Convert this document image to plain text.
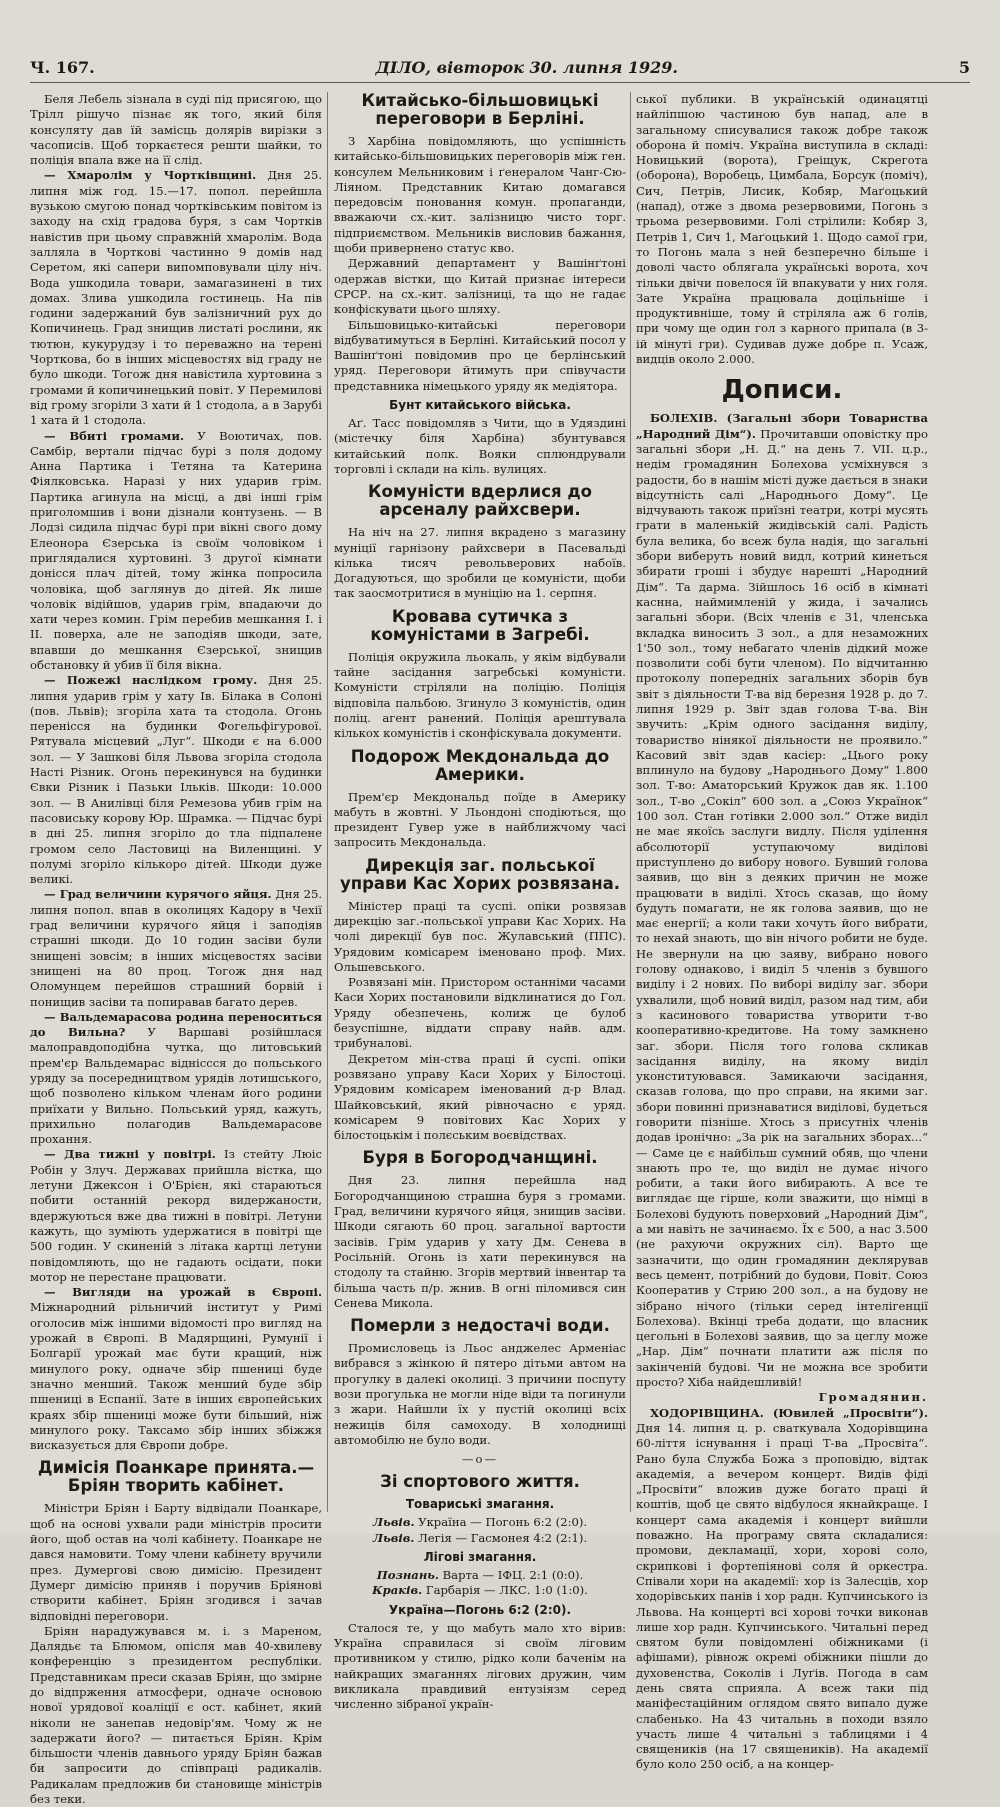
Ч. 167.	ДІЛО, вівторок 30. липня 1929.	5

Беля Лебель зізнала в суді під присягою, що Трілл рішучо пізнає як того, який біля консуляту дав їй замісць долярів вирізки з часописів. Щоб торкаєтеся решти шайки, то поліція впала вже на її слід.

— Хмаролім у Чортківщині. Дня 25. липня між год. 15.—17. попол. перейшла вузькою смугою понад чортківським повітом із заходу на схід градова буря, з сам Чортків навістив при цьому справжній хмаролім. Вода залляла в Чорткові частинно 9 домів над Серетом, які сапери випомповували цілу ніч. Вода ушкодила товари, замагазинені в тих домах. Злива ушкодила гостинець. На пів години задержаний був залізничний рух до Копичинець. Град знищив листаті рослини, як тютюн, кукурудзу і то переважно на терені Чорткова, бо в інших місцевостях від граду не було шкоди. Тогож дня навістила хуртовина з громами й копичинецький повіт. У Перемилові від грому згоріли 3 хати й 1 стодола, а в Зарубі 1 хата й 1 стодола.

— Вбиті громами. У Воютичах, пов. Самбір, вертали підчас бурі з поля додому Анна Партика і Тетяна та Катерина Фіялковська. Наразі у них ударив грім. Партика агинула на місці, а дві інші грім приголомшив і вони дізнали контузень. — В Лодзі сидила підчас бурі при вікні свого дому Елеонора Єзерська із своїм чоловіком і приглядалися хуртовині. З другої кімнати донісся плач дітей, тому жінка попросила чоловіка, щоб заглянув до дітей. Як лише чоловік відійшов, ударив грім, впадаючи до хати через комин. Грім перебив мешкання І. і ІІ. поверха, але не заподіяв шкоди, зате, впавши до мешкання Єзерської, знищив обстановку й убив її біля вікна.

— Пожежі наслідком грому. Дня 25. липня ударив грім у хату Ів. Білака в Солоні (пов. Львів); згоріла хата та стодола. Огонь перенісся на будинки Фогельфігурової. Рятувала місцевий „Луг“. Шкоди є на 6.000 зол. — У Зашкові біля Львова згоріла стодола Насті Різник. Огонь перекинувся на будинки Євки Різник і Пазьки Ільків. Шкоди: 10.000 зол. — В Анилівці біля Ремезова убив грім на пасовиську корову Юр. Шрамка. — Підчас бурі в дні 25. липня згоріло до тла підпалене громом село Ластовиці на Виленщині. У полумі згоріло кількоро дітей. Шкоди дуже великі.

— Град величини курячого яйця. Дня 25. липня попол. впав в околицях Кадору в Чехії град величини курячого яйця і заподіяв страшні шкоди. До 10 годин засіви були знищені зовсім; в інших місцевостях засіви знищені на 80 проц. Тогож дня над Оломунцем перейшов страшний борвій і понищив засіви та попиравав багато дерев.

— Вальдемарасова родина переноситься до Вильна? У Варшаві розійшлася малоправдоподібна чутка, що литовський прем'єр Вальдемарас відніссся до польського уряду за посередництвом урядів лотишського, щоб позволено кільком членам його родини приїхати у Вильно. Польський уряд, кажуть, прихильно полагодив Вальдемарасове прохання.

— Два тижні у повітрі. Із стейту Люіс Робін у Злуч. Державах прийшла вістка, що летуни Джексон і О'Брієн, які стараються побити останній рекорд видержаности, вдержуються вже два тижні в повітрі. Летуни кажуть, що зуміють удержатися в повітрі ще 500 годин. У скиненій з літака картці летуни повідомляють, що не гадають осідати, поки мотор не перестане працювати.

— Вигляди на урожай в Європі. Міжнародний рільничий інститут у Римі оголосив між іншими відомості про вигляд на урожай в Європі. В Мадярщині, Румунії і Болгарії урожай має бути кращий, ніж минулого року, одначе збір пшениці буде значно менший. Також менший буде збір пшениці в Еспанії. Зате в інших європейських краях збір пшениці може бути більший, ніж минулого року. Таксамо збір інших збіжжя висказується для Європи добре.

Димісія Поанкаре принята.— Бріян творить кабінет.

Міністри Бріян і Барту відвідали Поанкаре, щоб на основі ухвали ради міністрів просити його, щоб остав на чолі кабінету. Поанкаре не дався намовити. Тому члени кабінету вручили през. Думергові свою димісію. Президент Думерг димісію приняв і поручив Бріянові створити кабінет. Бріян згодився і зачав відповідні переговори.

Бріян нарадужувався м. і. з Мареном, Далядьє та Блюмом, опісля мав 40-хвилеву конференцію з президентом республіки. Представникам преси сказав Бріян, що змірне до відпрження атмосфери, одначе основою нової урядової коаліції є ост. кабінет, який ніколи не занепав недовір'ям. Чому ж не задержати його? — питається Бріян. Крім більшости членів давнього уряду Бріян бажав би запросити до співпраці радикалів. Радикалам предложив би становище міністрів без теки.

Китайсько-більшовицькі переговори в Берліні.

З Харбіна повідомляють, що успішність китайсько-більшовицьких переговорів між ген. консулем Мельниковим і ґенералом Чанг-Сю-Ліяном. Представник Китаю домагався передовсім поновання комун. пропаганди, вважаючи сх.-кит. залізницю чисто торг. підприємством. Мельників висловив бажання, щоби привернено статус кво.

Державний департамент у Вашінґтоні одержав вістки, що Китай признає інтереси СРСР. на сх.-кит. залізниці, та що не гадає конфіскувати цього шляху.

Більшовицько-китайські переговори відбуватимуться в Берліні. Китайський посол у Вашінґтоні повідомив про це берлінський уряд. Переговори йтимуть при співучасти представника німецького уряду як медіятора.

Бунт китайського війська.

Аґ. Тасс повідомляв з Чити, що в Удяздині (містечку біля Харбіна) збунтувався китайський полк. Вояки сплюндрували торговлі і склади на кіль. вулицях.

Комуністи вдерлися до арсеналу райхсвери.

На ніч на 27. липня вкрадено з магазину муніції гарнізону райхсвери в Пасевальді кілька тисяч револьверових набоїв. Догадуються, що зробили це комуністи, щоби так заосмотритися в муніцію на 1. серпня.

Кровава сутичка з комуністами в Загребі.

Поліція окружила льокаль, у якім відбували тайне засідання загребські комуністи. Комуністи стріляли на поліцію. Поліція відповіла пальбою. Згинуло 3 комуністів, один поліц. агент ранений. Поліція арештувала кількох комуністів і сконфіскувала документи.

Подорож Мекдональда до Америки.

Прем'єр Мекдональд поїде в Америку мабуть в жовтні. У Льондоні сподіються, що президент Гувер уже в найближчому часі запросить Мекдональда.

Дирекція заг. польської управи Кас Хорих розвязана.

Міністер праці та суспі. опіки розвязав дирекцію заг.-польської управи Кас Хорих. На чолі дирекції був пос. Жулавський (ППС). Урядовим комісарем іменовано проф. Мих. Ольшевського.

Розвязані мін. Пристором останніми часами Каси Хорих постановили відклинатися до Гол. Уряду обезпечень, колиж це булоб безуспішне, віддати справу найв. адм. трибуналові.

Декретом мін-ства праці й суспі. опіки розвязано управу Каси Хорих у Білостоці. Урядовим комісарем іменований д-р Влад. Шайковський, який рівночасно є уряд. комісарем 9 повітових Кас Хорих у білостоцькім і полєським воєвідствах.

Буря в Богородчанщині.

Дня 23. липня перейшла над Богородчанщиною страшна буря з громами. Град, величини курячого яйця, знищив засіви. Шкоди сягають 60 проц. загальної вартости засівів. Грім ударив у хату Дм. Сенева в Росільній. Огонь із хати перекинувся на стодолу та стайню. Згорів мертвий інвентар та більша часть п/р. жнив. В огні піломився син Сенева Микола.

Померли з недостачі води.

Промисловець із Льос анджелес Арменіас вибрався з жінкою й пятеро дітьми автом на прогулку в далекі околиці. З причини поспуту вози прогулька не могли ніде віди та погинули з жари. Найшли їх у пустій околиці всіх нежиців біля самоходу. В холоднищі автомобілю не було води.

—o—
Зі спортового життя.
Товариські змагання.

Львів. Україна — Погонь 6:2 (2:0).

Львів. Легія — Гасмонея 4:2 (2:1).

Лігові змагання.

Познань. Варта — ІФЦ. 2:1 (0:0).

Краків. Гарбарія — ЛКС. 1:0 (1:0).

Україна—Погонь 6:2 (2:0).

Сталося те, у що мабуть мало хто вірив: Україна справилася зі своїм ліговим противником у стилю, рідко коли баченім на найкращих змаганнях лігових дружин, чим викликала правдивий ентузіязм серед численно зібраної україн-

ської публики. В українській одинацятці найліпшою частиною був напад, але в загальному списувалися також добре також оборона й поміч. Україна виступила в складі: Новицький (ворота), Греіщук, Скрегота (оборона), Воробець, Цимбала, Борсук (поміч), Сич, Петрів, Лисик, Кобяр, Маґоцький (напад), отже з двома резервовими, Погонь з трьома резервовими. Голі стрілили: Кобяр 3, Петрів 1, Сич 1, Маґоцький 1. Щодо самої гри, то Погонь мала з ней безперечно більше і доволі часто облягала українські ворота, хоч тільки двічи повелося їй впакувати у них голя. Зате Україна працювала доцільніше і продуктивніше, тому й стріляла аж 6 голів, при чому ще один гол з карного припала (в 3-ій мінуті гри). Судивав дуже добре п. Усаж, видців около 2.000.

Дописи.

БОЛЕХІВ. (Загальні збори Товариства „Народний Дім“). Прочитавши оповістку про загальні збори „Н. Д.“ на день 7. VII. ц.р., недім громадянин Болехова усміхнувся з радости, бо в нашім місті дуже дається в знаки відсутність салі „Народнього Дому“. Це відчувають також приїзні театри, котрі мусять грати в маленькій жидівській салі. Радість була велика, бо всеж була надія, що загальні збори виберуть новий видл, котрий кинеться збирати гроші і збудує нарешті „Народний Дім“. Та дарма. Зійшлось 16 осіб в кімнаті каснна, наймимленій у жида, і зачались загальні збори. (Всіх членів є 31, членська вкладка виносить 3 зол., а для незаможних 1'50 зол., тому небагато членів дідкий може позволити собі бути членом). По відчитанню протоколу попередніх загальних зборів був звіт з діяльности Т-ва від березня 1928 р. до 7. липня 1929 р. Звіт здав голова Т-ва. Він звучить: „Крім одного засідання виділу, товариство нінякої діяльности не проявило.“ Касовий звіт здав касієр: „Цього року вплинуло на будову „Народнього Дому“ 1.800 зол. Т-во: Аматорський Кружок дав як. 1.100 зол., Т-во „Сокіл“ 600 зол. а „Союз Українок“ 100 зол. Стан готівки 2.000 зол.“ Отже виділ не має якоїсь заслуги видлу. Після уділення абсолюторії уступаючому виділові приступлено до вибору нового. Бувший голова заявив, що він з деяких причин не може працювати в виділі. Хтось сказав, що йому будуть помагати, не як голова заявив, що не має енергії; а коли таки хочуть його вибрати, то нехай знають, що він нічого робити не буде. Не звернули на цю заяву, вибрано нового голову однаково, і виділ 5 членів з бувшого виділу і 2 нових. По виборі виділу заг. збори ухвалили, щоб новий виділ, разом над тим, аби з касинового товариства утворити т-во кооперативно-кредитове. На тому замкнено заг. збори. Після того голова скликав засідання виділу, на якому виділ уконституювався. Замикаючи засідання, сказав голова, що про справи, на якими заг. збори повинні признаватися виділові, будеться говорити пізніше. Хтось з присутніх членів додав іронічно: „За рік на загальних зборах...“ — Саме це є найбільш сумний обяв, що члени знають про те, що виділ не думає нічого робити, а таки його вибирають. А все те виглядає ще гірше, коли зважити, що німці в Болехові будують поверховий „Народний Дім“, а ми навіть не зачинаємо. Їх є 500, а нас 3.500 (не рахуючи окружних сіл). Варто ще зазначити, що один громадянин деклярував весь цемент, потрібний до будови, Повіт. Союз Кооператив у Стрию 200 зол., а на будову не зібрано нічого (тільки серед інтелігенції Болехова). Вкінці треба додати, що власник цегольні в Болехові заявив, що за цеглу може „Нар. Дім“ почнати платити аж після по закінченій будові. Чи не можна все зробити просто? Хіба найдешливій!

Громадянин.

ХОДОРІВЩИНА. (Ювилей „Просвіти“). Дня 14. липня ц. р. сваткувала Ходорівщина 60-ліття існування і праці Т-ва „Просвіта“. Рано була Служба Божа з проповідю, відтак академія, а вечером концерт. Видів фіді „Просвіти“ вложив дуже богато праці й коштів, щоб це свято відбулося якнайкраще. І концерт сама академія і концерт вийшли поважно. На програму свята складалися: промови, декламації, хори, хорові соло, скрипкові і фортепіянові соля й оркестра. Співали хори на академії: хор із Залесців, хор ходорівських панів і хор радн. Купчинського із Львова. На концерті всі хорові точки виконав лише хор радн. Купчинського. Читальні перед святом були повідомлені обіжниками (і афішами), рівнож окремі обіжники пішли до духовенства, Соколів і Луґів. Погода в сам день свята сприяла. А всеж таки під маніфестаційним оглядом свято випало дуже слабенько. На 43 читальнь в походи взяло участь лише 4 читальні з таблицями і 4 священиків (на 17 священиків). На академії було коло 250 осіб, а на концер-
